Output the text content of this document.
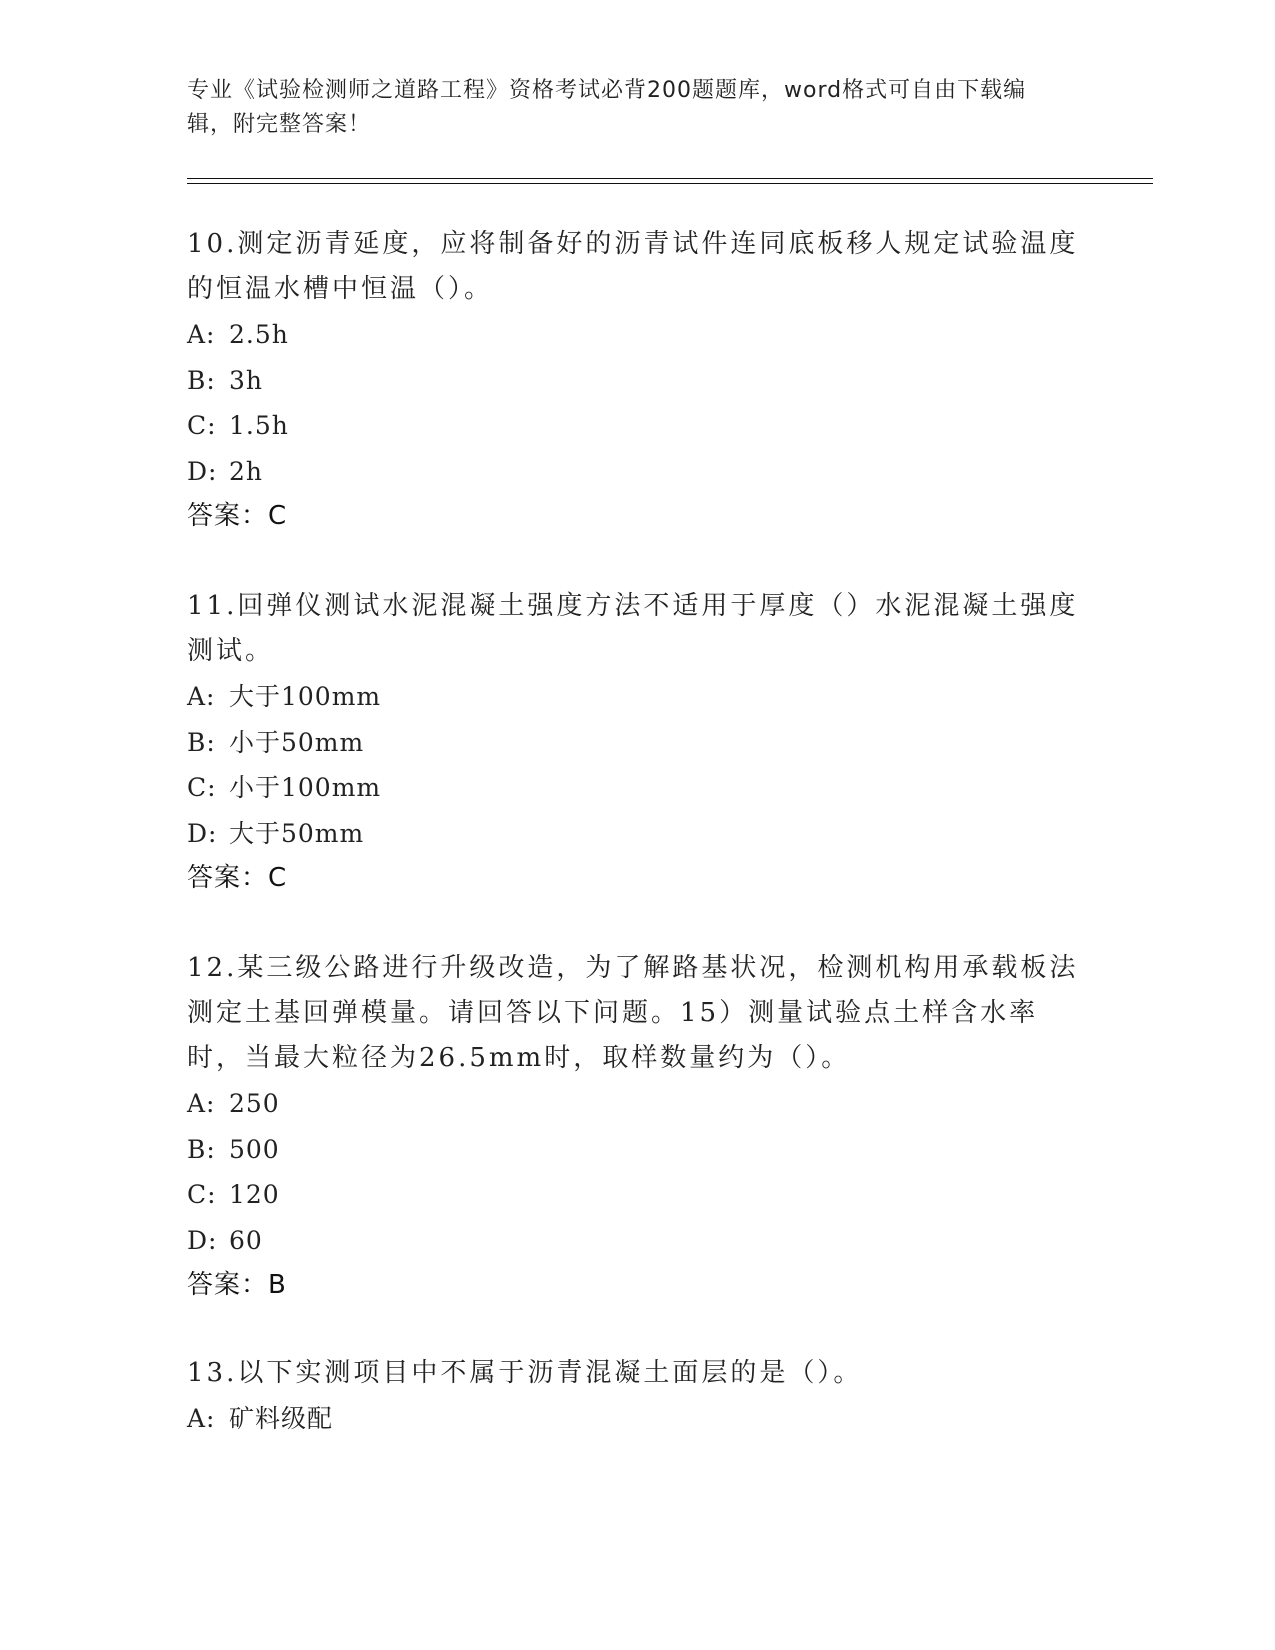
专业《试验检测师之道路工程》资格考试必背200题题库，word格式可自由下载编辑，附完整答案！

10.测定沥青延度，应将制备好的沥青试件连同底板移人规定试验温度的恒温水槽中恒温（）。

A: 2.5h
B: 3h
C: 1.5h
D: 2h
答案：C

11.回弹仪测试水泥混凝土强度方法不适用于厚度（）水泥混凝土强度测试。

A: 大于100mm
B: 小于50mm
C: 小于100mm
D: 大于50mm
答案：C

12.某三级公路进行升级改造，为了解路基状况，检测机构用承载板法测定土基回弹模量。请回答以下问题。15）测量试验点土样含水率时，当最大粒径为26.5mm时，取样数量约为（）。

A: 250
B: 500
C: 120
D: 60
答案：B

13.以下实测项目中不属于沥青混凝土面层的是（）。

A: 矿料级配
